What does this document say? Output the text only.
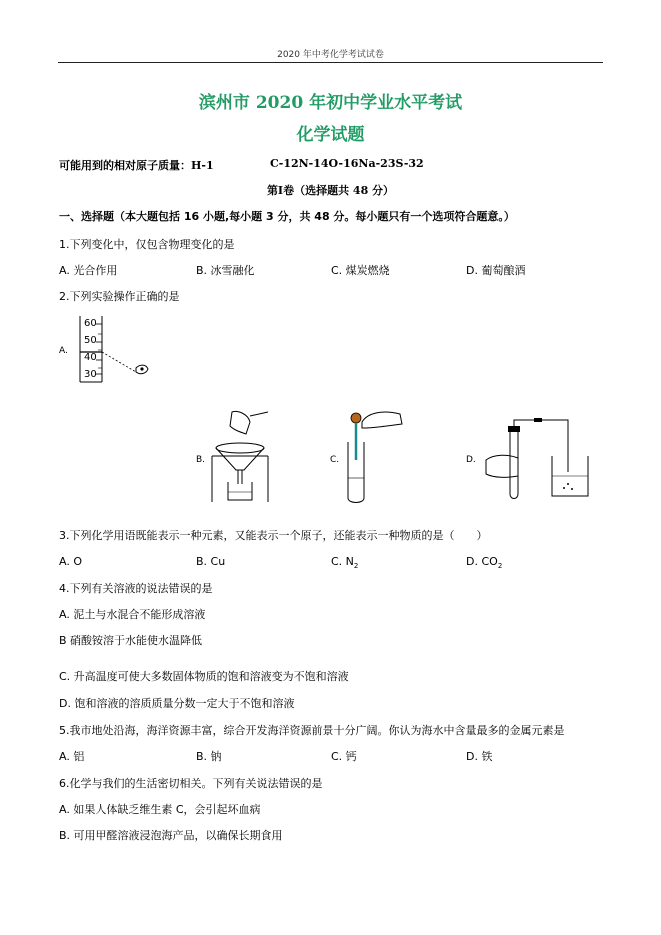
2020 年中考化学考试试卷
滨州市 2020 年初中学业水平考试
化学试题
可能用到的相对原子质量：H-1	C-12N-14O-16Na-23S-32
第Ⅰ卷（选择题共 48 分）
一、选择题（本大题包括 16 小题,每小题 3 分，共 48 分。每小题只有一个选项符合题意。）
1.下列变化中，仅包含物理变化的是
A. 光合作用	B. 冰雪融化	C. 煤炭燃烧	D. 葡萄酿酒
2.下列实验操作正确的是
A.
60
50
40
30
B.	C.	D.
3.下列化学用语既能表示一种元素，又能表示一个原子，还能表示一种物质的是（　　）
A. O	B. Cu	C. $N_2$	D. $CO_2$
4.下列有关溶液的说法错误的是
A. 泥土与水混合不能形成溶液
B 硝酸铵溶于水能使水温降低
C. 升高温度可使大多数固体物质的饱和溶液变为不饱和溶液
D. 饱和溶液的溶质质量分数一定大于不饱和溶液
5.我市地处沿海，海洋资源丰富，综合开发海洋资源前景十分广阔。你认为海水中含量最多的金属元素是
A. 铝	B. 钠	C. 钙	D. 铁
6.化学与我们的生活密切相关。下列有关说法错误的是
A. 如果人体缺乏维生素 C，会引起坏血病
B. 可用甲醛溶液浸泡海产品，以确保长期食用
